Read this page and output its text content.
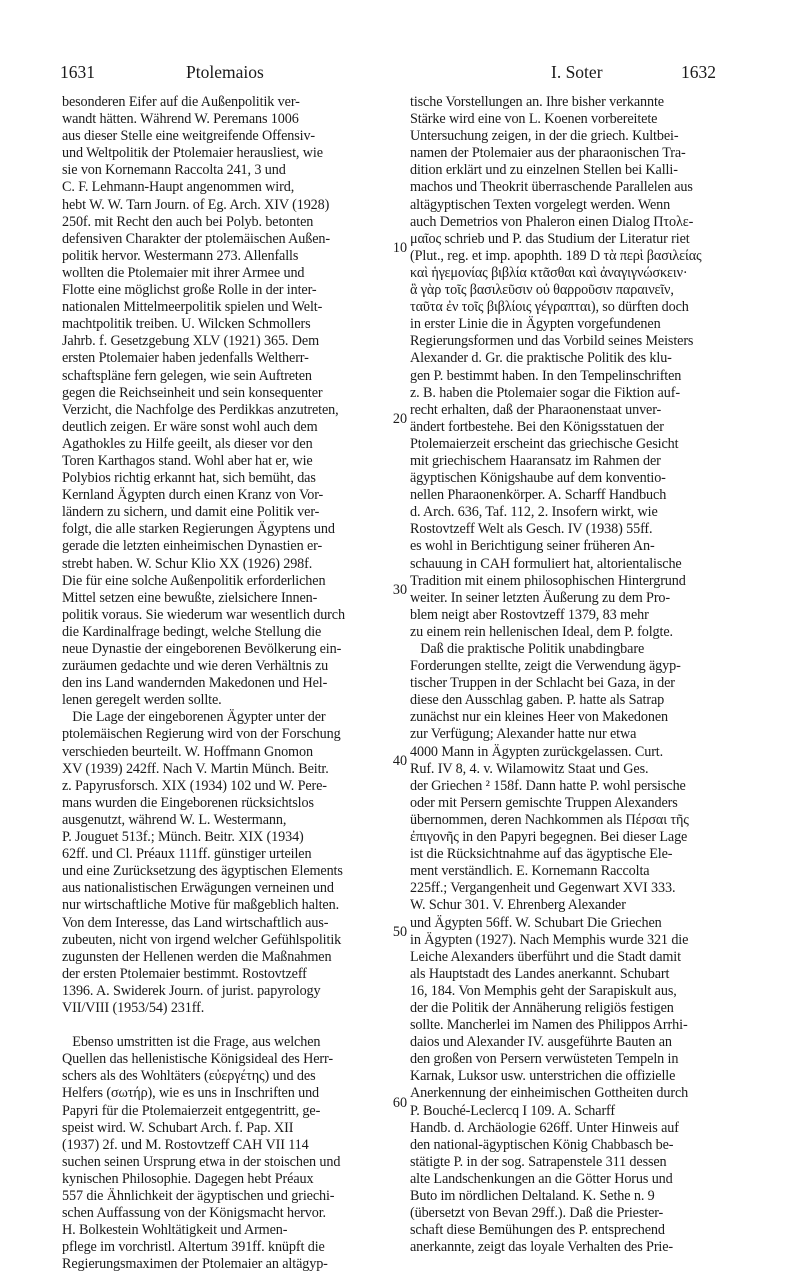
1631	Ptolemaios	I. Soter	1632
besonderen Eifer auf die Außenpolitik ver-
wandt hätten. Während W. Peremans 1006
aus dieser Stelle eine weitgreifende Offensiv-
und Weltpolitik der Ptolemaier herausliest, wie
sie von Kornemann Raccolta 241, 3 und
C. F. Lehmann-Haupt angenommen wird,
hebt W. W. Tarn Journ. of Eg. Arch. XIV (1928)
250f. mit Recht den auch bei Polyb. betonten
defensiven Charakter der ptolemäischen Außen-
politik hervor. Westermann 273. Allenfalls
wollten die Ptolemaier mit ihrer Armee und
Flotte eine möglichst große Rolle in der inter-
nationalen Mittelmeerpolitik spielen und Welt-
machtpolitik treiben. U. Wilcken Schmollers
Jahrb. f. Gesetzgebung XLV (1921) 365. Dem
ersten Ptolemaier haben jedenfalls Weltherr-
schaftspläne fern gelegen, wie sein Auftreten
gegen die Reichseinheit und sein konsequenter
Verzicht, die Nachfolge des Perdikkas anzutreten,
deutlich zeigen. Er wäre sonst wohl auch dem
Agathokles zu Hilfe geeilt, als dieser vor den
Toren Karthagos stand. Wohl aber hat er, wie
Polybios richtig erkannt hat, sich bemüht, das
Kernland Ägypten durch einen Kranz von Vor-
ländern zu sichern, und damit eine Politik ver-
folgt, die alle starken Regierungen Ägyptens und
gerade die letzten einheimischen Dynastien er-
strebt haben. W. Schur Klio XX (1926) 298f.
Die für eine solche Außenpolitik erforderlichen
Mittel setzen eine bewußte, zielsichere Innen-
politik voraus. Sie wiederum war wesentlich durch
die Kardinalfrage bedingt, welche Stellung die
neue Dynastie der eingeborenen Bevölkerung ein-
zuräumen gedachte und wie deren Verhältnis zu
den ins Land wandernden Makedonen und Hel-
lenen geregelt werden sollte.
Die Lage der eingeborenen Ägypter unter der
ptolemäischen Regierung wird von der Forschung
verschieden beurteilt. W. Hoffmann Gnomon
XV (1939) 242ff. Nach V. Martin Münch. Beitr.
z. Papyrusforsch. XIX (1934) 102 und W. Pere-
mans wurden die Eingeborenen rücksichtslos
ausgenutzt, während W. L. Westermann,
P. Jouguet 513f.; Münch. Beitr. XIX (1934)
62ff. und Cl. Préaux 111ff. günstiger urteilen
und eine Zurücksetzung des ägyptischen Elements
aus nationalistischen Erwägungen verneinen und
nur wirtschaftliche Motive für maßgeblich halten.
Von dem Interesse, das Land wirtschaftlich aus-
zubeuten, nicht von irgend welcher Gefühlspolitik
zugunsten der Hellenen werden die Maßnahmen
der ersten Ptolemaier bestimmt. Rostovtzeff
1396. A. Swiderek Journ. of jurist. papyrology
VII/VIII (1953/54) 231ff.

Ebenso umstritten ist die Frage, aus welchen
Quellen das hellenistische Königsideal des Herr-
schers als des Wohltäters (εὐεργέτης) und des
Helfers (σωτήρ), wie es uns in Inschriften und
Papyri für die Ptolemaierzeit entgegentritt, ge-
speist wird. W. Schubart Arch. f. Pap. XII
(1937) 2f. und M. Rostovtzeff CAH VII 114
suchen seinen Ursprung etwa in der stoischen und
kynischen Philosophie. Dagegen hebt Préaux
557 die Ähnlichkeit der ägyptischen und griechi-
schen Auffassung von der Königsmacht hervor.
H. Bolkestein Wohltätigkeit und Armen-
pflege im vorchristl. Altertum 391ff. knüpft die
Regierungsmaximen der Ptolemaier an altägyp-
10
20
30
40
50
60
tische Vorstellungen an. Ihre bisher verkannte
Stärke wird eine von L. Koenen vorbereitete
Untersuchung zeigen, in der die griech. Kultbei-
namen der Ptolemaier aus der pharaonischen Tra-
dition erklärt und zu einzelnen Stellen bei Kalli-
machos und Theokrit überraschende Parallelen aus
altägyptischen Texten vorgelegt werden. Wenn
auch Demetrios von Phaleron einen Dialog Πτολε-
μαῖος schrieb und P. das Studium der Literatur riet
(Plut., reg. et imp. apophth. 189 D τὰ περὶ βασιλείας
καὶ ἡγεμονίας βιβλία κτᾶσθαι καὶ ἀναγιγνώσκειν·
ἃ γὰρ τοῖς βασιλεῦσιν οὐ θαρροῦσιν παραινεῖν,
ταῦτα ἐν τοῖς βιβλίοις γέγραπται), so dürften doch
in erster Linie die in Ägypten vorgefundenen
Regierungsformen und das Vorbild seines Meisters
Alexander d. Gr. die praktische Politik des klu-
gen P. bestimmt haben. In den Tempelinschriften
z. B. haben die Ptolemaier sogar die Fiktion auf-
recht erhalten, daß der Pharaonenstaat unver-
ändert fortbestehe. Bei den Königsstatuen der
Ptolemaierzeit erscheint das griechische Gesicht
mit griechischem Haaransatz im Rahmen der
ägyptischen Königshaube auf dem konventio-
nellen Pharaonenkörper. A. Scharff Handbuch
d. Arch. 636, Taf. 112, 2. Insofern wirkt, wie
Rostovtzeff Welt als Gesch. IV (1938) 55ff.
es wohl in Berichtigung seiner früheren An-
schauung in CAH formuliert hat, altorientalische
Tradition mit einem philosophischen Hintergrund
weiter. In seiner letzten Äußerung zu dem Pro-
blem neigt aber Rostovtzeff 1379, 83 mehr
zu einem rein hellenischen Ideal, dem P. folgte.
Daß die praktische Politik unabdingbare
Forderungen stellte, zeigt die Verwendung ägyp-
tischer Truppen in der Schlacht bei Gaza, in der
diese den Ausschlag gaben. P. hatte als Satrap
zunächst nur ein kleines Heer von Makedonen
zur Verfügung; Alexander hatte nur etwa
4000 Mann in Ägypten zurückgelassen. Curt.
Ruf. IV 8, 4. v. Wilamowitz Staat und Ges.
der Griechen ² 158f. Dann hatte P. wohl persische
oder mit Persern gemischte Truppen Alexanders
übernommen, deren Nachkommen als Πέρσαι τῆς
ἐπιγονῆς in den Papyri begegnen. Bei dieser Lage
ist die Rücksichtnahme auf das ägyptische Ele-
ment verständlich. E. Kornemann Raccolta
225ff.; Vergangenheit und Gegenwart XVI 333.
W. Schur 301. V. Ehrenberg Alexander
und Ägypten 56ff. W. Schubart Die Griechen
in Ägypten (1927). Nach Memphis wurde 321 die
Leiche Alexanders überführt und die Stadt damit
als Hauptstadt des Landes anerkannt. Schubart
16, 184. Von Memphis geht der Sarapiskult aus,
der die Politik der Annäherung religiös festigen
sollte. Mancherlei im Namen des Philippos Arrhi-
daios und Alexander IV. ausgeführte Bauten an
den großen von Persern verwüsteten Tempeln in
Karnak, Luksor usw. unterstrichen die offizielle
Anerkennung der einheimischen Gottheiten durch
P. Bouché-Leclercq I 109. A. Scharff
Handb. d. Archäologie 626ff. Unter Hinweis auf
den national-ägyptischen König Chabbasch be-
stätigte P. in der sog. Satrapenstele 311 dessen
alte Landschenkungen an die Götter Horus und
Buto im nördlichen Deltaland. K. Sethe n. 9
(übersetzt von Bevan 29ff.). Daß die Priester-
schaft diese Bemühungen des P. entsprechend
anerkannte, zeigt das loyale Verhalten des Prie-
